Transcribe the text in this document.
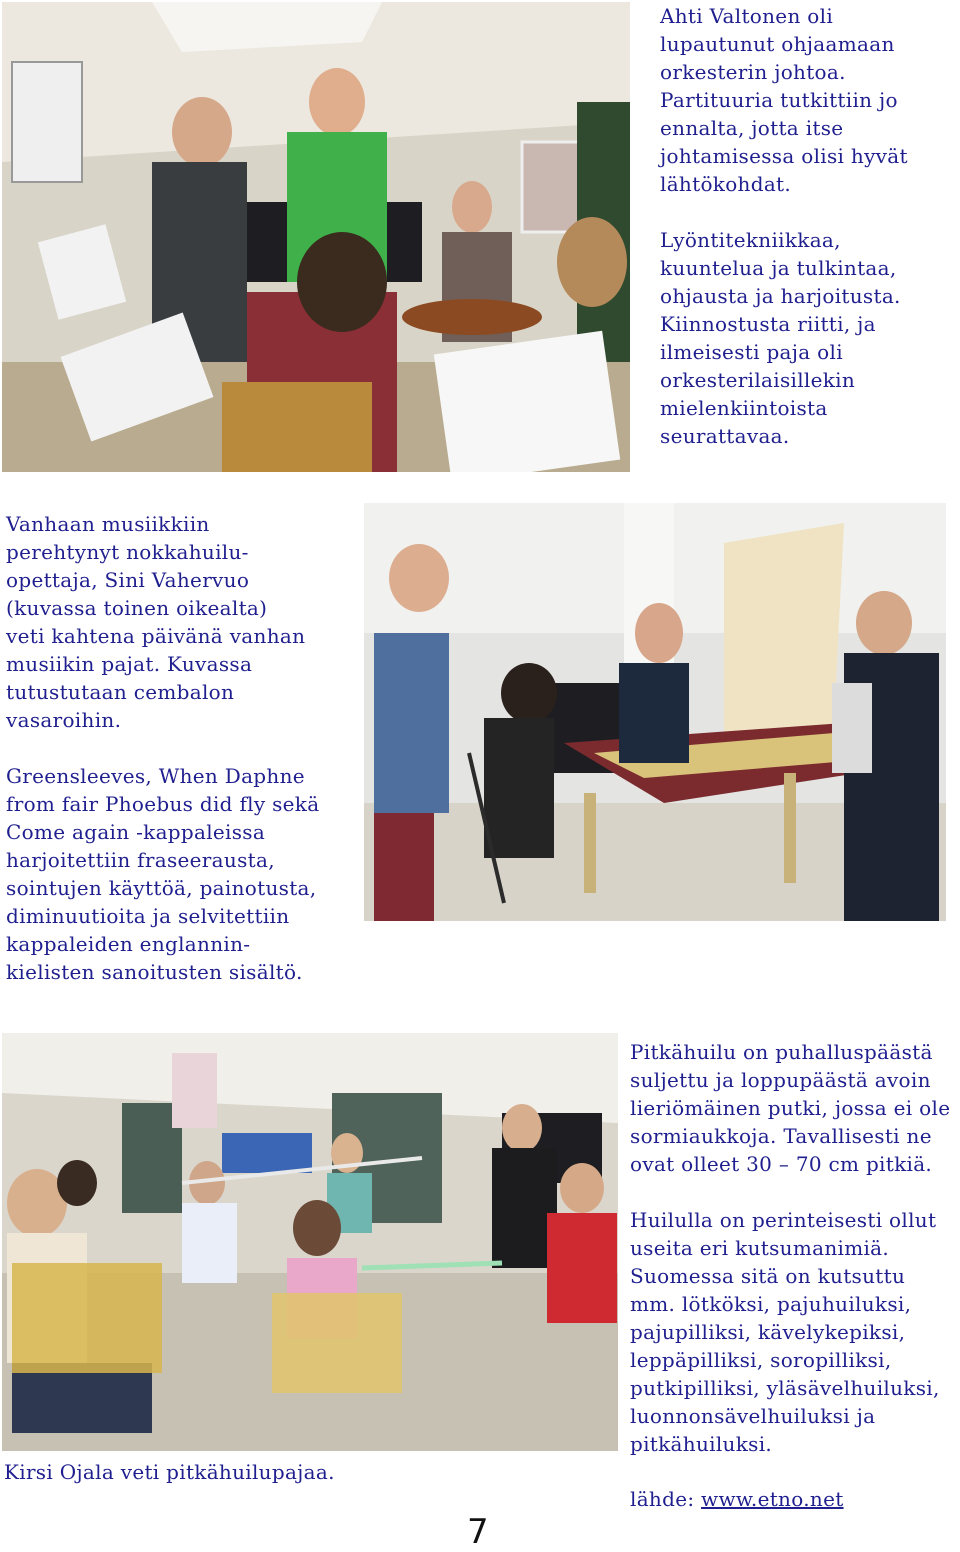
Ahti Valtonen oli
lupautunut ohjaamaan
orkesterin johtoa.
Partituuria tutkittiin jo
ennalta, jotta itse
johtamisessa olisi hyvät
lähtökohdat.

Lyöntitekniikkaa,
kuuntelua ja tulkintaa,
ohjausta ja harjoitusta.
Kiinnostusta riitti, ja
ilmeisesti paja oli
orkesterilaisillekin
mielenkiintoista
seurattavaa.

Vanhaan musiikkiin
perehtynyt nokkahuilu-
opettaja, Sini Vahervuo
(kuvassa toinen oikealta)
veti kahtena päivänä vanhan
musiikin pajat. Kuvassa
tutustutaan cembalon
vasaroihin.

Greensleeves, When Daphne
from fair Phoebus did fly sekä
Come again -kappaleissa
harjoitettiin fraseerausta,
sointujen käyttöä, painotusta,
diminuutioita ja selvitettiin
kappaleiden englannin-
kielisten sanoitusten sisältö.

Kirsi Ojala veti pitkähuilupajaa.

Pitkähuilu on puhalluspäästä
suljettu ja loppupäästä avoin
lieriömäinen putki, jossa ei ole
sormiaukkoja. Tavallisesti ne
ovat olleet 30 – 70 cm pitkiä.

Huilulla on perinteisesti ollut
useita eri kutsumanimiä.
Suomessa sitä on kutsuttu
mm. lötköksi, pajuhuiluksi,
pajupilliksi, kävelykepiksi,
leppäpilliksi, soropilliksi,
putkipilliksi, yläsävelhuiluksi,
luonnonsävelhuiluksi ja
pitkähuiluksi.

lähde: www.etno.net

7
